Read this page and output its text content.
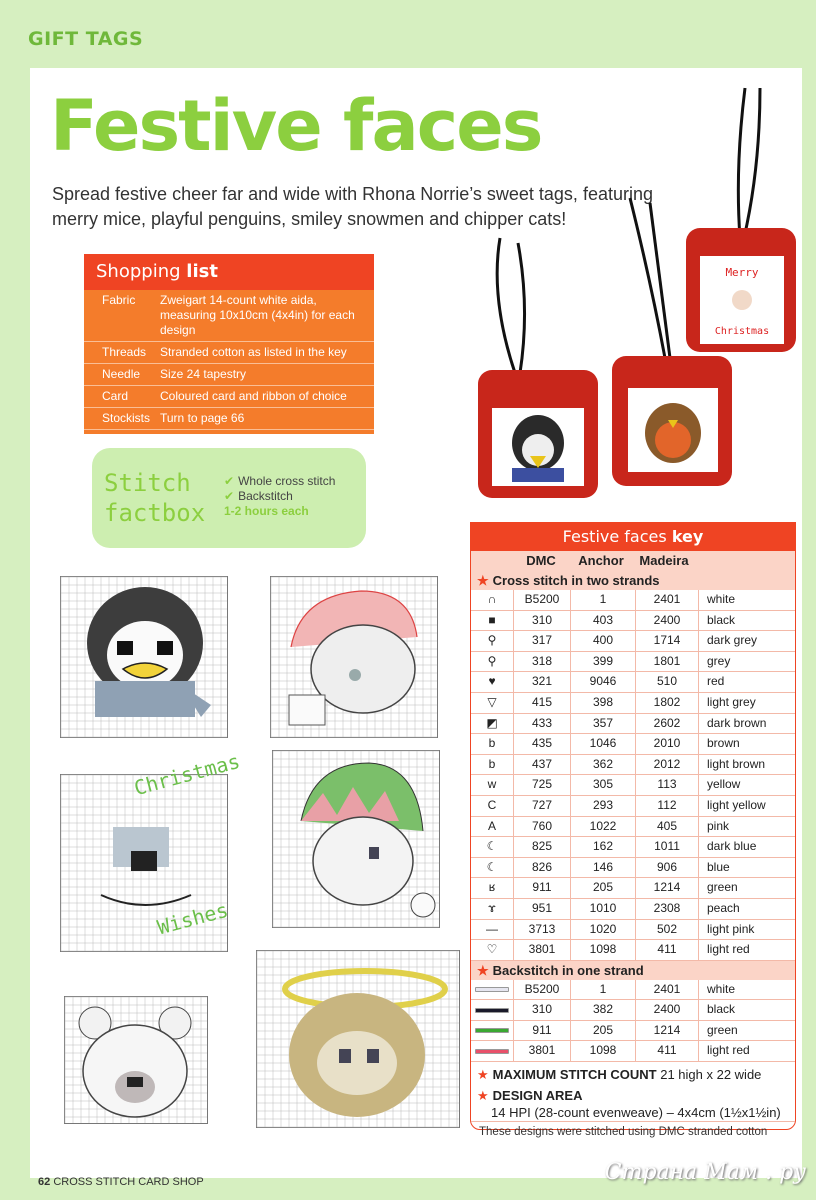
GIFT TAGS
Festive faces

Spread festive cheer far and wide with Rhona Norrie’s sweet tags, featuring merry mice, playful penguins, smiley snowmen and chipper cats!

Shopping list
Fabric	Zweigart 14-count white aida, measuring 10x10cm (4x4in) for each design
Threads	Stranded cotton as listed in the key
Needle	Size 24 tapestry
Card	Coloured card and ribbon of choice
Stockists Turn to page 66
Stitch factbox
✔ Whole cross stitch
✔ Backstitch
1-2 hours each
Merry
Christmas
Christmas
Wishes
Festive faces key
DMC	Anchor	Madeira
★ Cross stitch in two strands
∩	B5200	1	2401	white
■	310	403	2400	black
⚲	317	400	1714	dark grey
⚲	318	399	1801	grey
♥	321	9046	510	red
▽	415	398	1802	light grey
◩	433	357	2602	dark brown
b	435	1046	2010	brown
b	437	362	2012	light brown
w	725	305	113	yellow
C	727	293	112	light yellow
A	760	1022	405	pink
☾	825	162	1011	dark blue
☾	826	146	906	blue
ʁ	911	205	1214	green
ɤ	951	1010	2308	peach
—	3713	1020	502	light pink
♡	3801	1098	411	light red
★ Backstitch in one strand
B5200	1	2401	white
310	382	2400	black
911	205	1214	green
3801	1098	411	light red
★ MAXIMUM STITCH COUNT 21 high x 22 wide
★ DESIGN AREA
14 HPI (28-count evenweave) – 4x4cm (1½x1½in)
These designs were stitched using DMC stranded cotton
62 CROSS STITCH CARD SHOP	Страна Мам . ру
